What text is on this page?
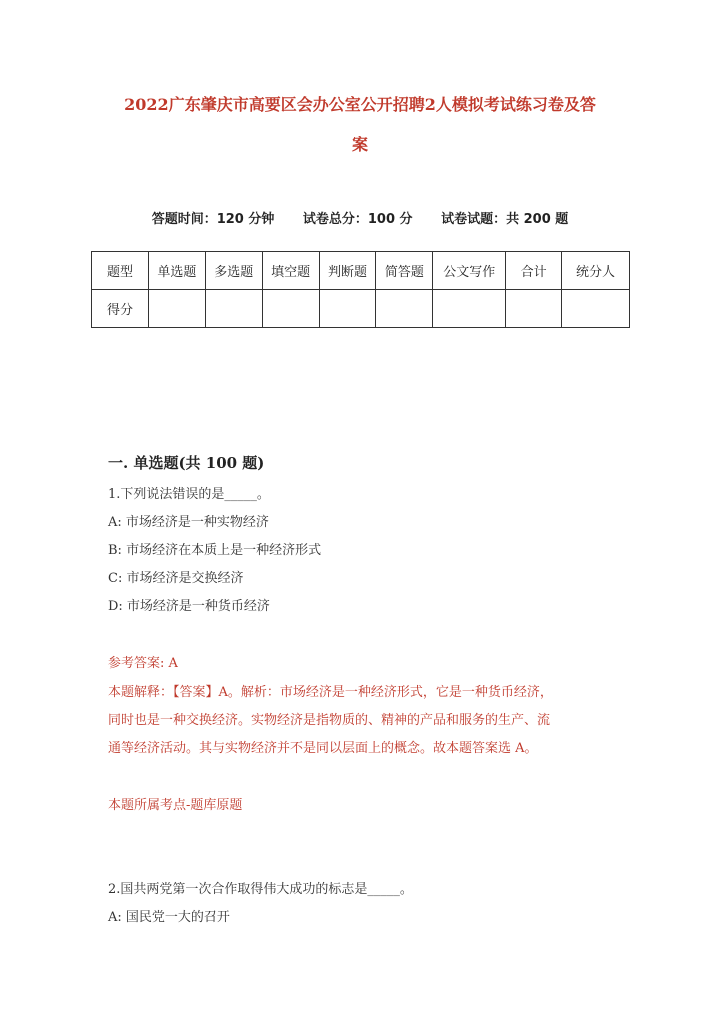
2022广东肇庆市高要区会办公室公开招聘2人模拟考试练习卷及答
案
答题时间：120 分钟 试卷总分：100 分 试卷试题：共 200 题
题型	单选题	多选题	填空题	判断题	简答题	公文写作	合计	统分人
得分								
一. 单选题(共 100 题)
1.下列说法错误的是_____。
A: 市场经济是一种实物经济
B: 市场经济在本质上是一种经济形式
C: 市场经济是交换经济
D: 市场经济是一种货币经济
参考答案: A
本题解释：【答案】A。解析：市场经济是一种经济形式，它是一种货币经济，
同时也是一种交换经济。实物经济是指物质的、精神的产品和服务的生产、流
通等经济活动。其与实物经济并不是同以层面上的概念。故本题答案选 A。
本题所属考点-题库原题
2.国共两党第一次合作取得伟大成功的标志是_____。
A: 国民党一大的召开
